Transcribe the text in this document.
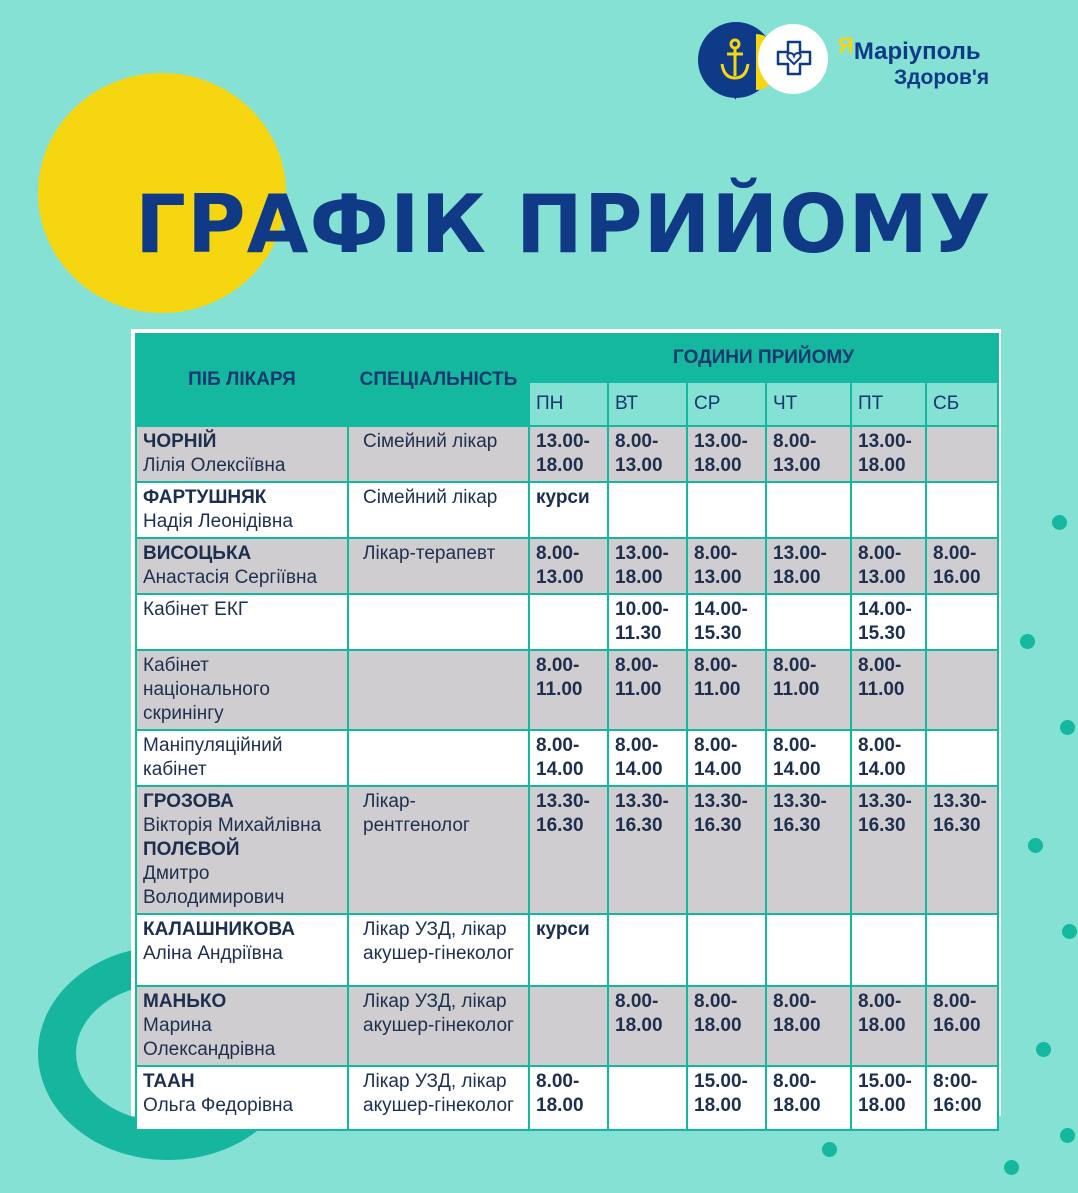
ЯМаріуполь
Здоров'я
ГРАФІК ПРИЙОМУ
ПІБ ЛІКАРЯ	СПЕЦІАЛЬНІСТЬ	ГОДИНИ ПРИЙОМУ					
		ПН	ВТ	СР	ЧТ	ПТ	СБ

ЧОРНІЙ
Лілія Олексіївна	Сімейний лікар	13.00-18.00	8.00-13.00	13.00-18.00	8.00-13.00	13.00-18.00	

ФАРТУШНЯК
Надія Леонідівна	Сімейний лікар	курси					

ВИСОЦЬКА
Анастасія Сергіївна	Лікар-терапевт	8.00-13.00	13.00-18.00	8.00-13.00	13.00-18.00	8.00-13.00	8.00-16.00

Кабінет ЕКГ			10.00-11.30	14.00-15.30		14.00-15.30	

Кабінет національного скринінгу		8.00-11.00	8.00-11.00	8.00-11.00	8.00-11.00	8.00-11.00	

Маніпуляційний кабінет		8.00-14.00	8.00-14.00	8.00-14.00	8.00-14.00	8.00-14.00	

ГРОЗОВА
Вікторія Михайлівна
ПОЛЄВОЙ
Дмитро Володимирович	Лікар-рентгенолог	13.30-16.30	13.30-16.30	13.30-16.30	13.30-16.30	13.30-16.30	13.30-16.30

КАЛАШНИКОВА
Аліна Андріївна	Лікар УЗД, лікар акушер-гінеколог	курси					

МАНЬКО
Марина Олександрівна	Лікар УЗД, лікар акушер-гінеколог		8.00-18.00	8.00-18.00	8.00-18.00	8.00-18.00	8.00-16.00

ТААН
Ольга Федорівна	Лікар УЗД, лікар акушер-гінеколог	8.00-18.00		15.00-18.00	8.00-18.00	15.00-18.00	8:00-16:00
